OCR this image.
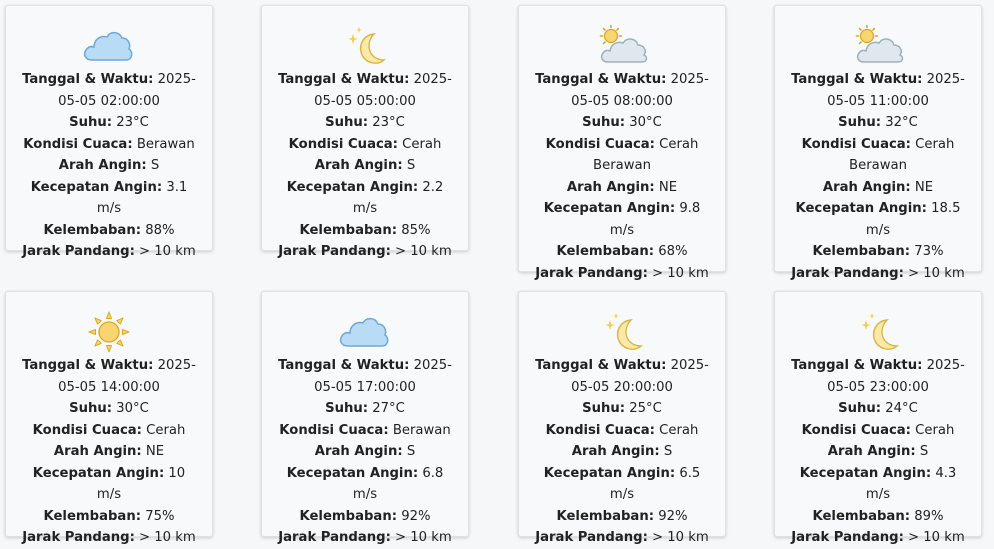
Tanggal & Waktu: 2025-05-05 02:00:00
Suhu: 23°C
Kondisi Cuaca: Berawan
Arah Angin: S
Kecepatan Angin: 3.1 m/s
Kelembaban: 88%
Jarak Pandang: > 10 km
Tanggal & Waktu: 2025-05-05 05:00:00
Suhu: 23°C
Kondisi Cuaca: Cerah
Arah Angin: S
Kecepatan Angin: 2.2 m/s
Kelembaban: 85%
Jarak Pandang: > 10 km
Tanggal & Waktu: 2025-05-05 08:00:00
Suhu: 30°C
Kondisi Cuaca: Cerah Berawan
Arah Angin: NE
Kecepatan Angin: 9.8 m/s
Kelembaban: 68%
Jarak Pandang: > 10 km
Tanggal & Waktu: 2025-05-05 11:00:00
Suhu: 32°C
Kondisi Cuaca: Cerah Berawan
Arah Angin: NE
Kecepatan Angin: 18.5 m/s
Kelembaban: 73%
Jarak Pandang: > 10 km
Tanggal & Waktu: 2025-05-05 14:00:00
Suhu: 30°C
Kondisi Cuaca: Cerah
Arah Angin: NE
Kecepatan Angin: 10 m/s
Kelembaban: 75%
Jarak Pandang: > 10 km
Tanggal & Waktu: 2025-05-05 17:00:00
Suhu: 27°C
Kondisi Cuaca: Berawan
Arah Angin: S
Kecepatan Angin: 6.8 m/s
Kelembaban: 92%
Jarak Pandang: > 10 km
Tanggal & Waktu: 2025-05-05 20:00:00
Suhu: 25°C
Kondisi Cuaca: Cerah
Arah Angin: S
Kecepatan Angin: 6.5 m/s
Kelembaban: 92%
Jarak Pandang: > 10 km
Tanggal & Waktu: 2025-05-05 23:00:00
Suhu: 24°C
Kondisi Cuaca: Cerah
Arah Angin: S
Kecepatan Angin: 4.3 m/s
Kelembaban: 89%
Jarak Pandang: > 10 km
